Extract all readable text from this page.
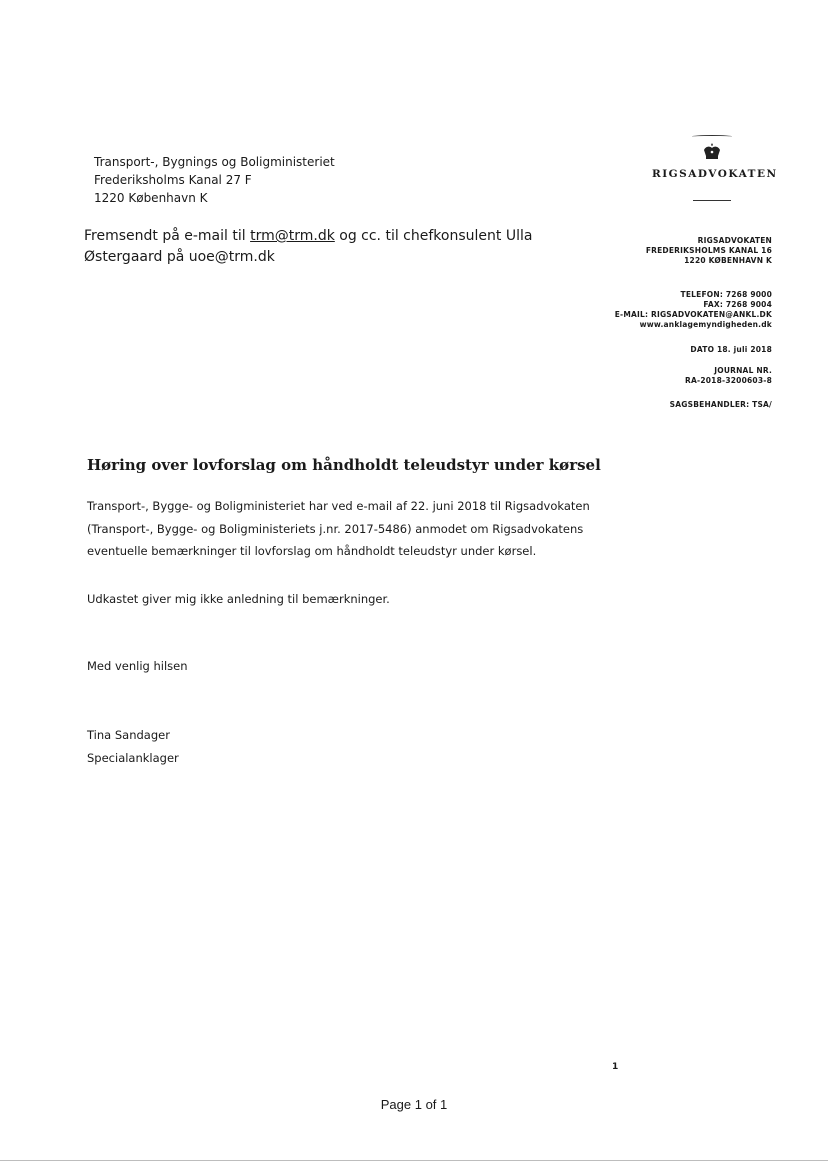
Transport-, Bygnings og Boligministeriet
Frederiksholms Kanal 27 F
1220 København K
Fremsendt på e-mail til trm@trm.dk og cc. til chefkonsulent Ulla
Østergaard på uoe@trm.dk
RIGSADVOKATEN
RIGSADVOKATEN
FREDERIKSHOLMS KANAL 16
1220 KØBENHAVN K
TELEFON: 7268 9000
FAX: 7268 9004
E-MAIL: RIGSADVOKATEN@ANKL.DK
www.anklagemyndigheden.dk
DATO 18. juli 2018
JOURNAL NR.
RA-2018-3200603-8
SAGSBEHANDLER: TSA/
Høring over lovforslag om håndholdt teleudstyr under kørsel
Transport-, Bygge- og Boligministeriet har ved e-mail af 22. juni 2018 til Rigsadvokaten
(Transport-, Bygge- og Boligministeriets j.nr. 2017-5486) anmodet om Rigsadvokatens
eventuelle bemærkninger til lovforslag om håndholdt teleudstyr under kørsel.
Udkastet giver mig ikke anledning til bemærkninger.
Med venlig hilsen
Tina Sandager
Specialanklager
1
Page 1 of 1
